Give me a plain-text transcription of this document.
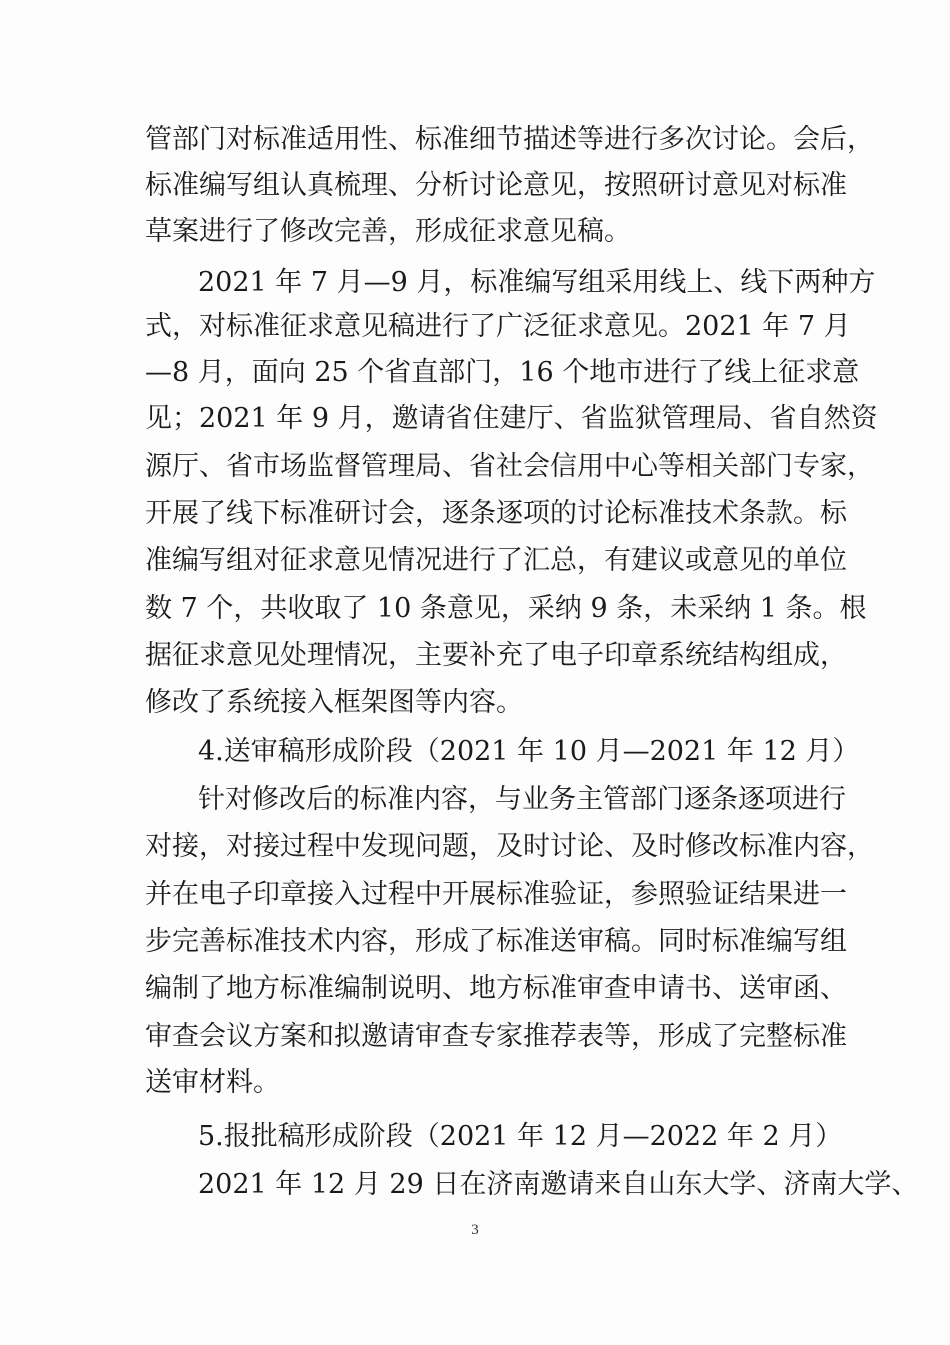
3
管部门对标准适用性、标准细节描述等进行多次讨论。会后，
标准编写组认真梳理、分析讨论意见，按照研讨意见对标准
草案进行了修改完善，形成征求意见稿。
2021 年 7 月—9 月，标准编写组采用线上、线下两种方
式，对标准征求意见稿进行了广泛征求意见。2021 年 7 月
—8 月，面向 25 个省直部门，16 个地市进行了线上征求意
见；2021 年 9 月，邀请省住建厅、省监狱管理局、省自然资
源厅、省市场监督管理局、省社会信用中心等相关部门专家，
开展了线下标准研讨会，逐条逐项的讨论标准技术条款。标
准编写组对征求意见情况进行了汇总，有建议或意见的单位
数 7 个，共收取了 10 条意见，采纳 9 条，未采纳 1 条。根
据征求意见处理情况，主要补充了电子印章系统结构组成，
修改了系统接入框架图等内容。
4.送审稿形成阶段（2021 年 10 月—2021 年 12 月）
针对修改后的标准内容，与业务主管部门逐条逐项进行
对接，对接过程中发现问题，及时讨论、及时修改标准内容，
并在电子印章接入过程中开展标准验证，参照验证结果进一
步完善标准技术内容，形成了标准送审稿。同时标准编写组
编制了地方标准编制说明、地方标准审查申请书、送审函、
审查会议方案和拟邀请审查专家推荐表等，形成了完整标准
送审材料。
5.报批稿形成阶段（2021 年 12 月—2022 年 2 月）
2021 年 12 月 29 日在济南邀请来自山东大学、济南大学、
